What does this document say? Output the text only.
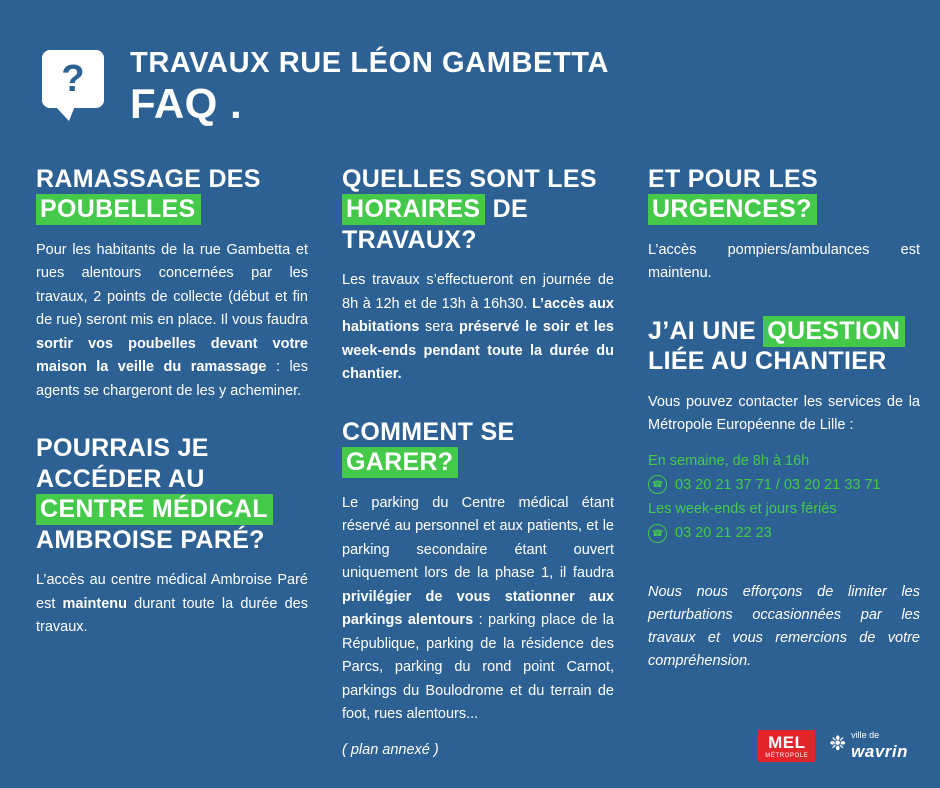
?	TRAVAUX RUE LÉON GAMBETTA
FAQ .
RAMASSAGE DES POUBELLES

Pour les habitants de la rue Gambetta et rues alentours concernées par les travaux, 2 points de collecte (début et fin de rue) seront mis en place. Il vous faudra sortir vos poubelles devant votre maison la veille du ramassage : les agents se chargeront de les y acheminer.

POURRAIS JE ACCÉDER AU CENTRE MÉDICAL AMBROISE PARÉ?

L’accès au centre médical Ambroise Paré est maintenu durant toute la durée des travaux.

QUELLES SONT LES HORAIRES DE TRAVAUX?

Les travaux s’effectueront en journée de 8h à 12h et de 13h à 16h30. L’accès aux habitations sera préservé le soir et les week-ends pendant toute la durée du chantier.

COMMENT SE GARER?

Le parking du Centre médical étant réservé au personnel et aux patients, et le parking secondaire étant ouvert uniquement lors de la phase 1, il faudra privilégier de vous stationner aux parkings alentours : parking place de la République, parking de la résidence des Parcs, parking du rond point Carnot, parkings du Boulodrome et du terrain de foot, rues alentours...

( plan annexé )

ET POUR LES URGENCES?

L’accès pompiers/ambulances est maintenu.

J’AI UNE QUESTION LIÉE AU CHANTIER

Vous pouvez contacter les services de la Métropole Européenne de Lille :

En semaine, de 8h à 16h

☎ 03 20 21 37 71 / 03 20 21 33 71

Les week-ends et jours fériés

☎ 03 20 21 22 23

Nous nous efforçons de limiter les perturbations occasionnées par les travaux et vous remercions de votre compréhension.

MEL
MÉTROPOLE
❉ ville de
wavrin
